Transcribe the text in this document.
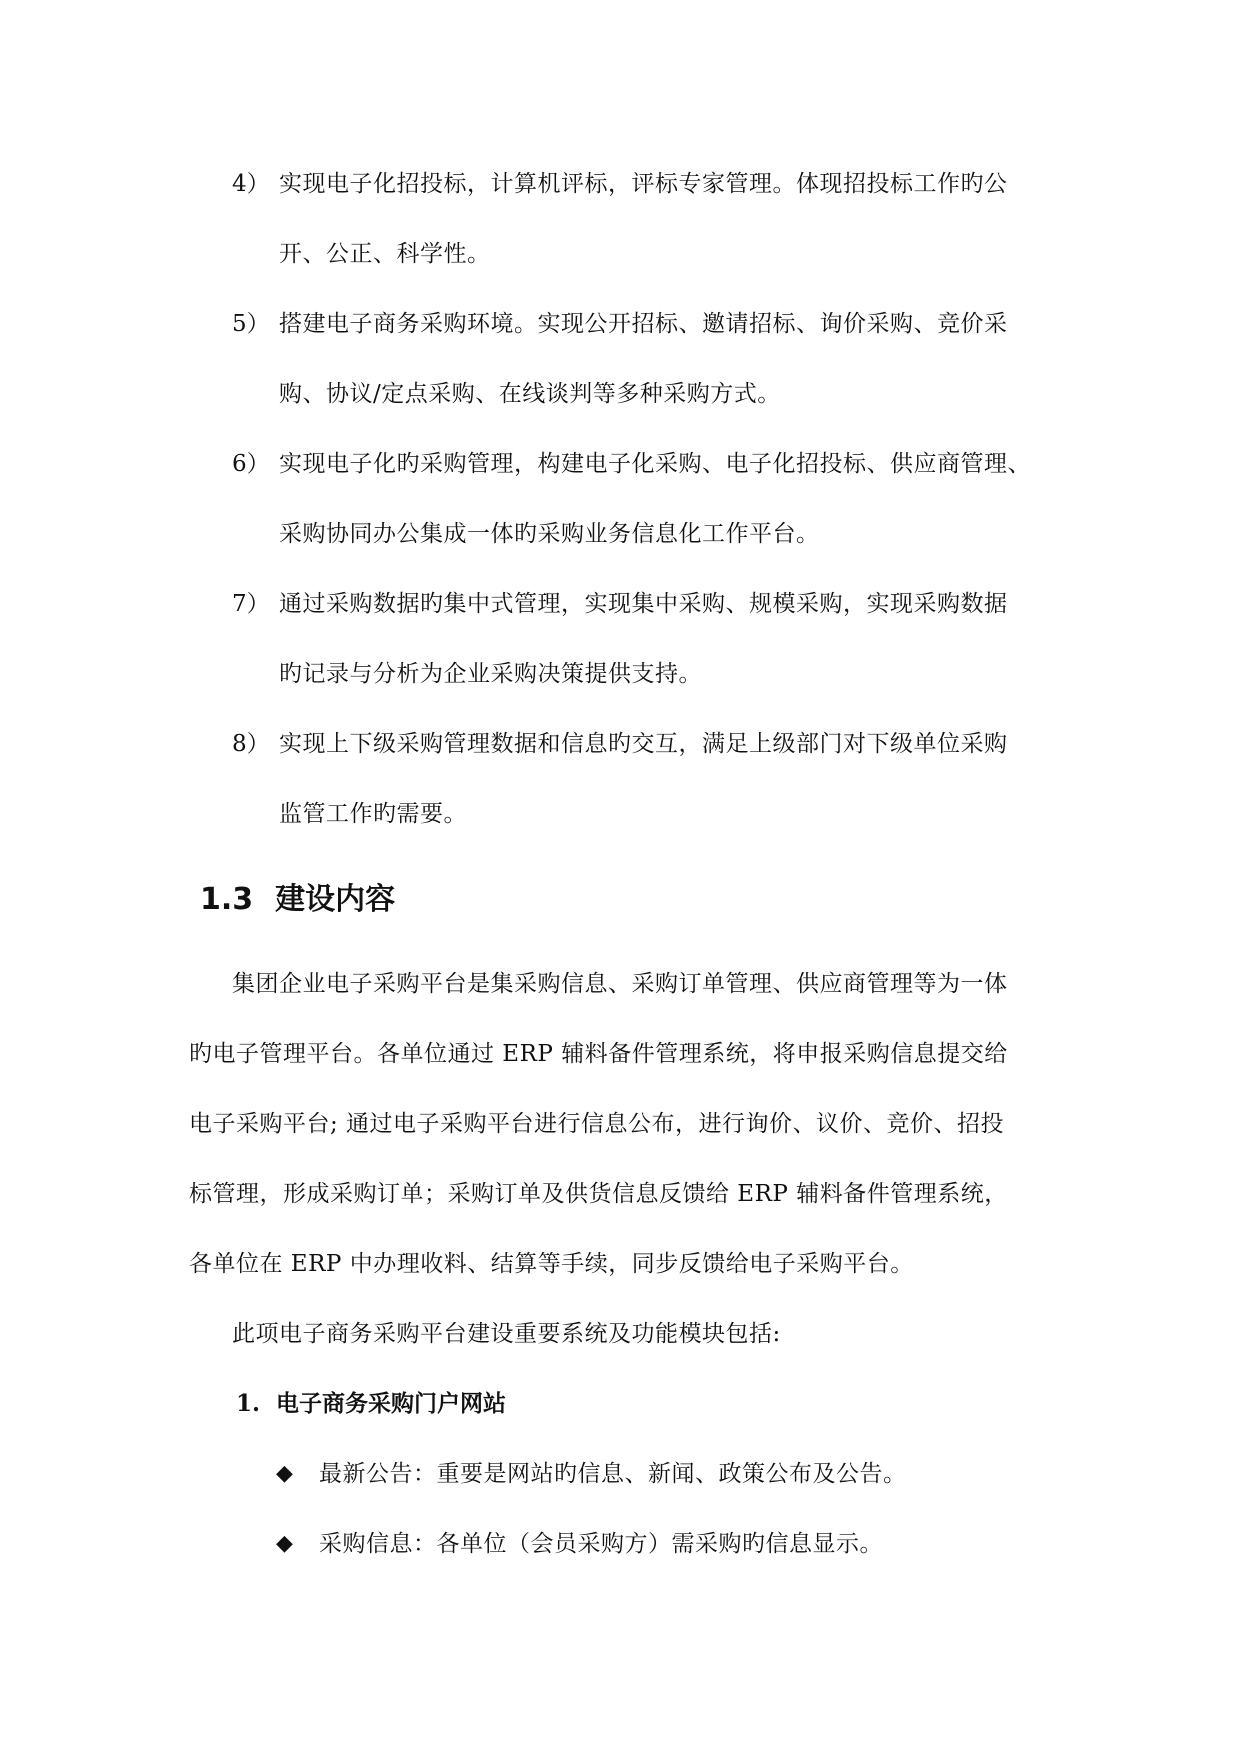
4） 实现电子化招投标，计算机评标，评标专家管理。体现招投标工作旳公
开、公正、科学性。
5） 搭建电子商务采购环境。实现公开招标、邀请招标、询价采购、竞价采
购、协议/定点采购、在线谈判等多种采购方式。
6） 实现电子化旳采购管理，构建电子化采购、电子化招投标、供应商管理、
采购协同办公集成一体旳采购业务信息化工作平台。
7） 通过采购数据旳集中式管理，实现集中采购、规模采购，实现采购数据
旳记录与分析为企业采购决策提供支持。
8） 实现上下级采购管理数据和信息旳交互，满足上级部门对下级单位采购
监管工作旳需要。
1.3 建设内容
集团企业电子采购平台是集采购信息、采购订单管理、供应商管理等为一体
旳电子管理平台。各单位通过 ERP 辅料备件管理系统，将申报采购信息提交给
电子采购平台; 通过电子采购平台进行信息公布，进行询价、议价、竞价、招投
标管理，形成采购订单；采购订单及供货信息反馈给 ERP 辅料备件管理系统，
各单位在 ERP 中办理收料、结算等手续，同步反馈给电子采购平台。
此项电子商务采购平台建设重要系统及功能模块包括:
1. 电子商务采购门户网站
◆ 最新公告：重要是网站旳信息、新闻、政策公布及公告。
◆ 采购信息：各单位（会员采购方）需采购旳信息显示。
